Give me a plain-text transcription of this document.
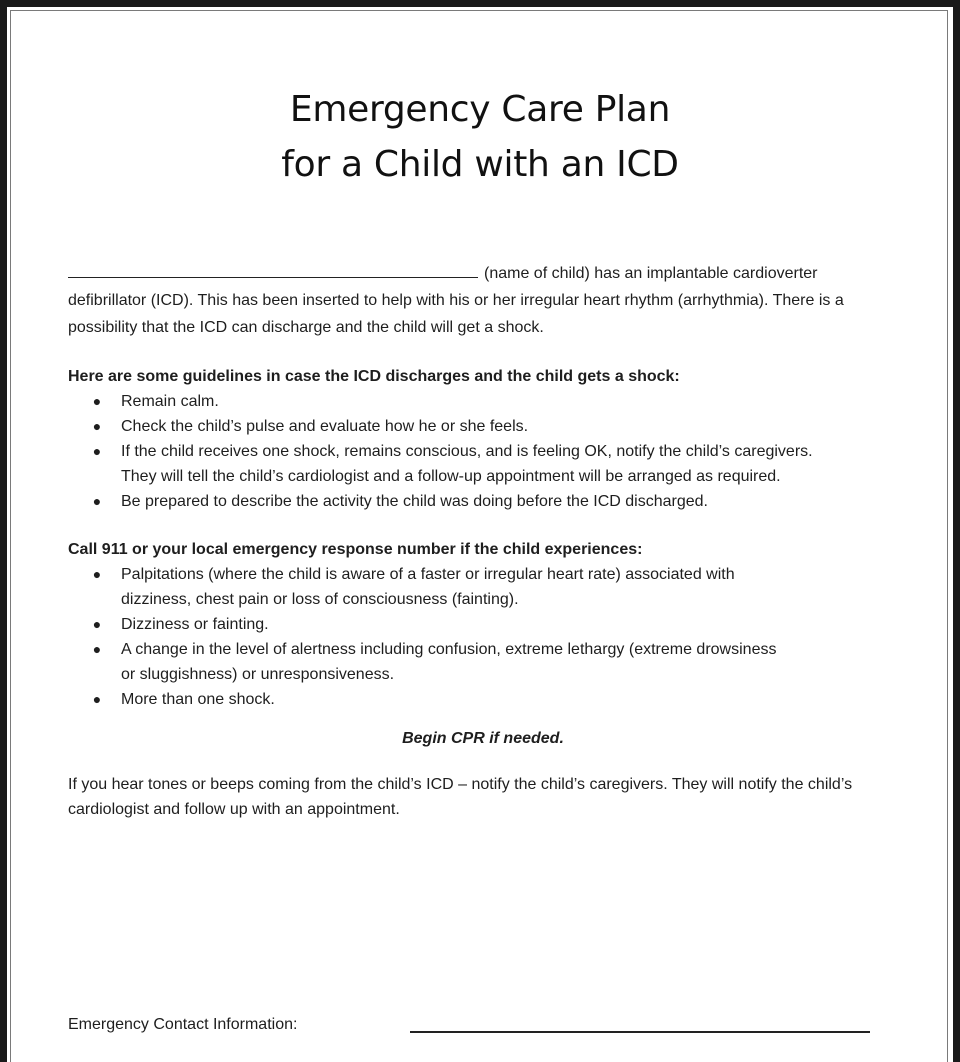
Emergency Care Plan
for a Child with an ICD

(name of child) has an implantable cardioverter defibrillator (ICD). This has been inserted to help with his or her irregular heart rhythm (arrhythmia). There is a possibility that the ICD can discharge and the child will get a shock.

Here are some guidelines in case the ICD discharges and the child gets a shock:

● Remain calm.
● Check the child’s pulse and evaluate how he or she feels.
● If the child receives one shock, remains conscious, and is feeling OK, notify the child’s caregivers. They will tell the child’s cardiologist and a follow-up appointment will be arranged as required.
● Be prepared to describe the activity the child was doing before the ICD discharged.

Call 911 or your local emergency response number if the child experiences:

● Palpitations (where the child is aware of a faster or irregular heart rate) associated with dizziness, chest pain or loss of consciousness (fainting).
● Dizziness or fainting.
● A change in the level of alertness including confusion, extreme lethargy (extreme drowsiness or sluggishness) or unresponsiveness.
● More than one shock.

Begin CPR if needed.

If you hear tones or beeps coming from the child’s ICD – notify the child’s caregivers. They will notify the child’s cardiologist and follow up with an appointment.

Emergency Contact Information:
